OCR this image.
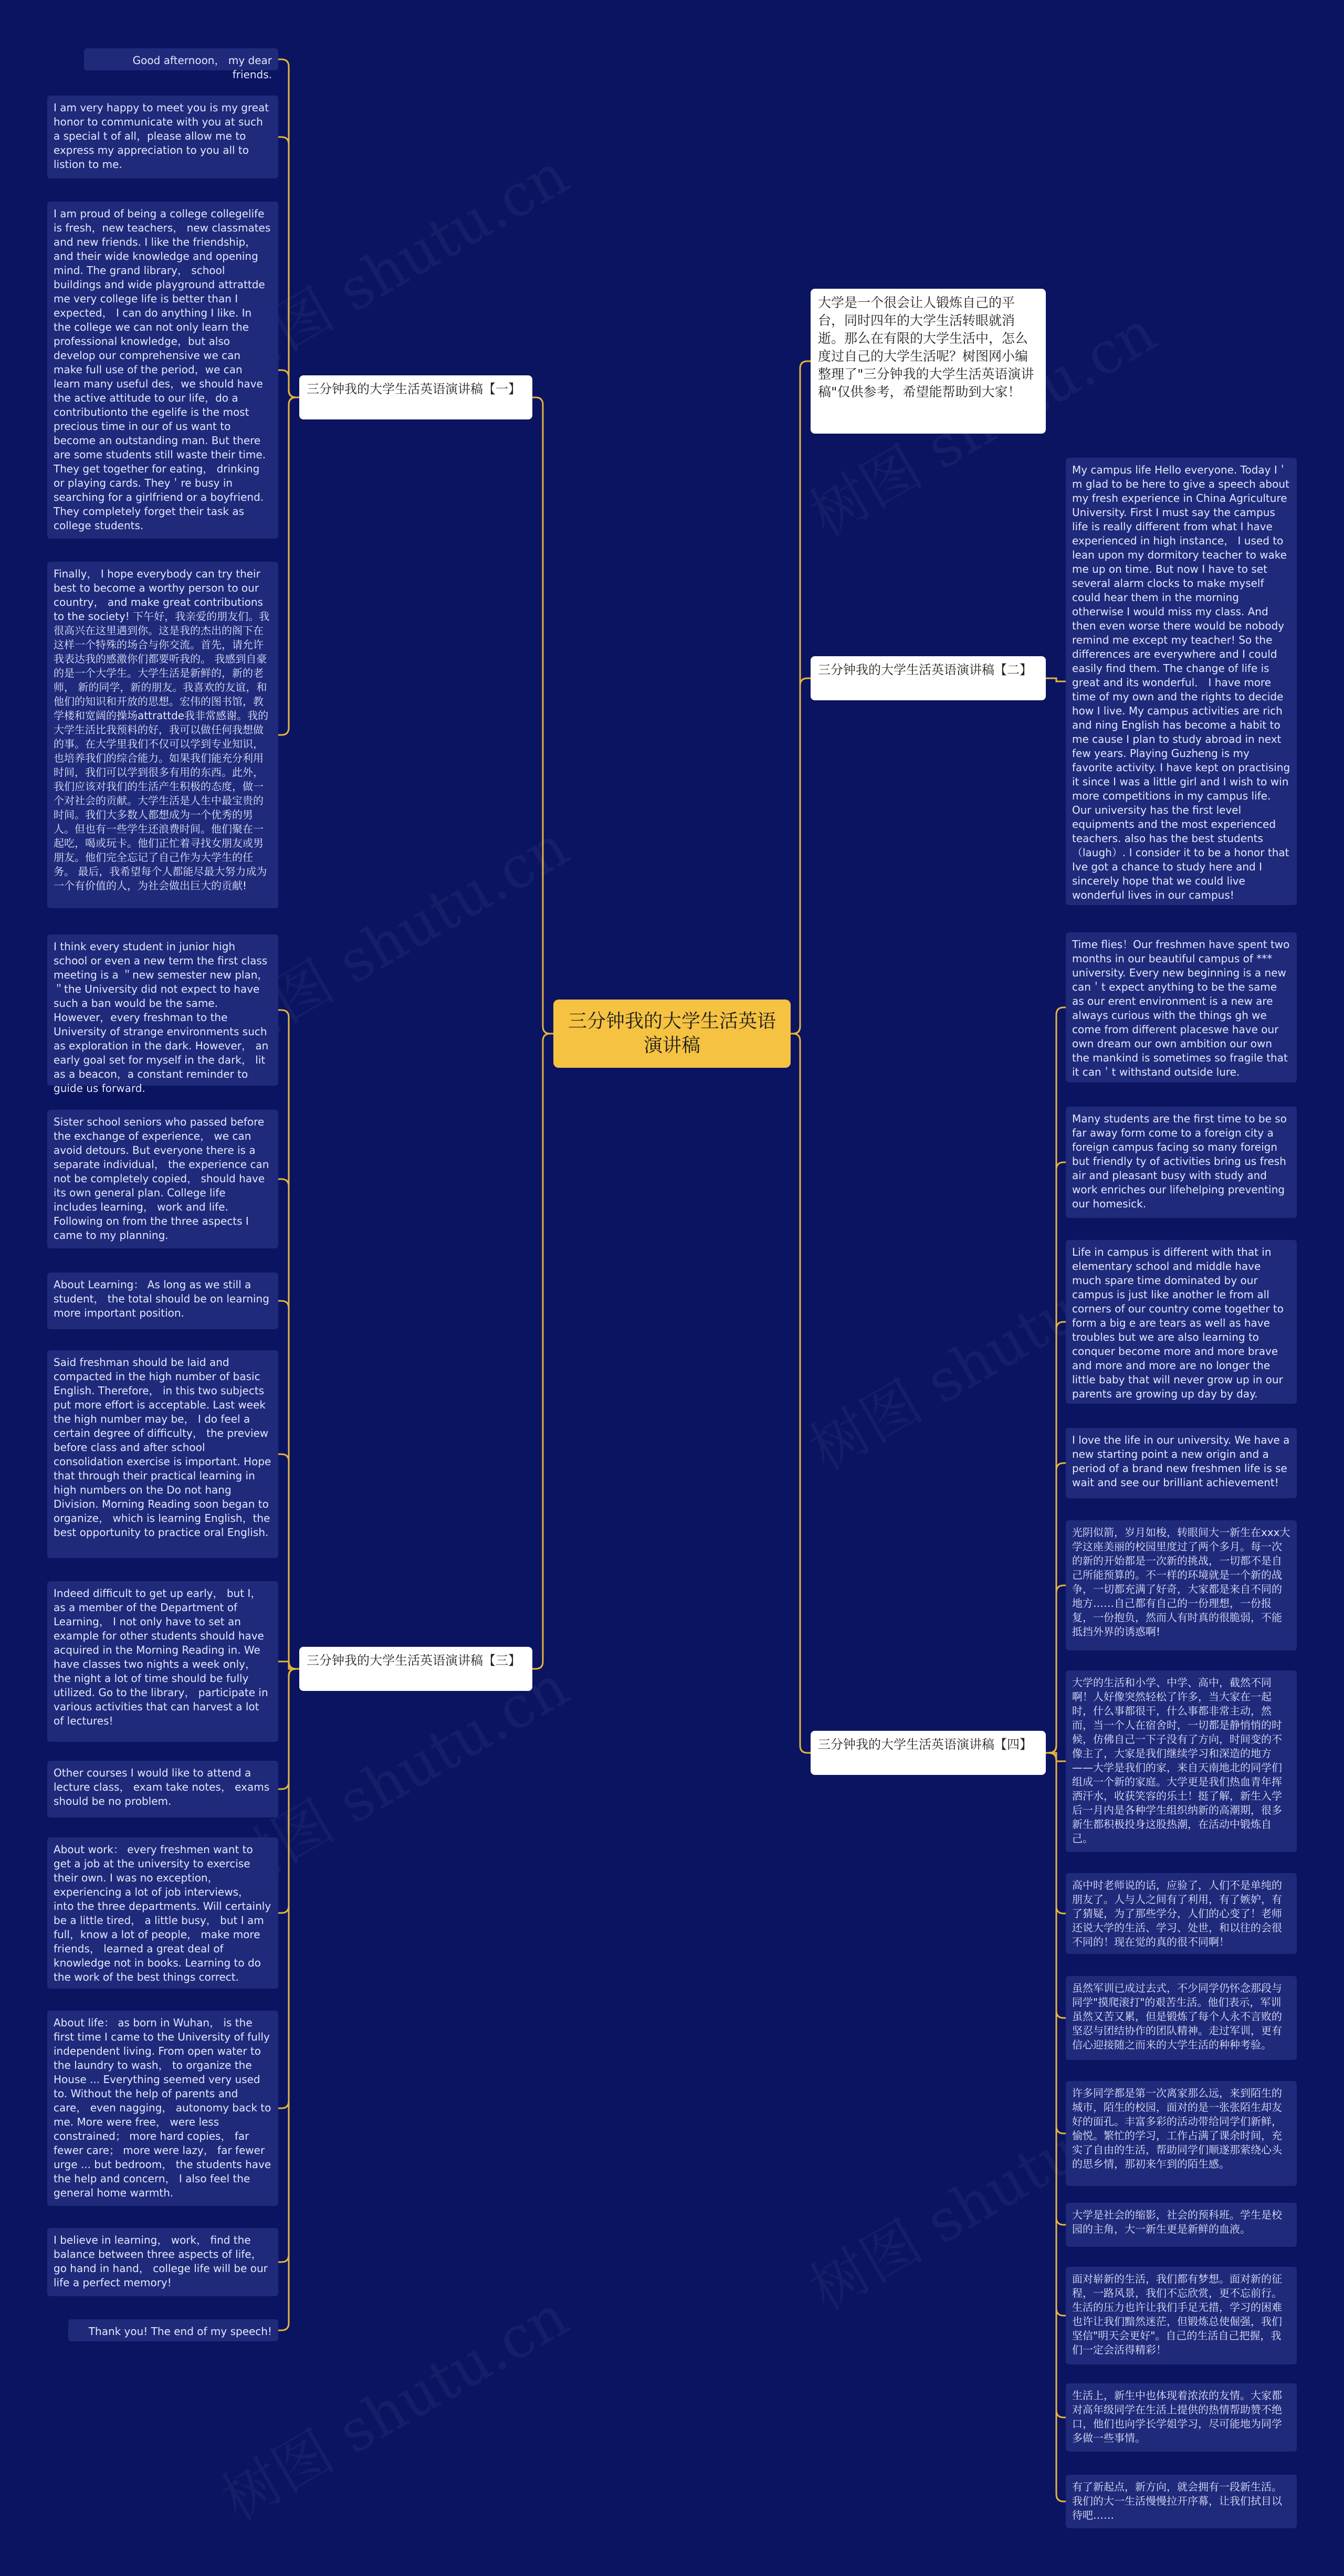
三分钟我的大学生活英语演讲稿
大学是一个很会让人锻炼自己的平台，同时四年的大学生活转眼就消逝。那么在有限的大学生活中，怎么度过自己的大学生活呢？树图网小编整理了"三分钟我的大学生活英语演讲稿"仅供参考，希望能帮助到大家！
三分钟我的大学生活英语演讲稿【一】
Good afternoon， my dear friends.
I am very happy to meet you is my great honor to communicate with you at such a special t of all，please allow me to express my appreciation to you all to listion to me.
I am proud of being a college collegelife is fresh，new teachers， new classmates and new friends. I like the friendship，and their wide knowledge and opening mind. The grand library， school buildings and wide playground attrattde me very college life is better than I expected， I can do anything I like. In the college we can not only learn the professional knowledge，but also develop our comprehensive we can make full use of the period，we can learn many useful des，we should have the active attitude to our life，do a contributionto the egelife is the most precious time in our of us want to become an outstanding man. But there are some students still waste their time. They get together for eating， drinking or playing cards. They＇re busy in searching for a girlfriend or a boyfriend. They completely forget their task as college students.
Finally， I hope everybody can try their best to become a worthy person to our country， and make great contributions to the society! 下午好，我亲爱的朋友们。我很高兴在这里遇到你。这是我的杰出的阁下在这样一个特殊的场合与你交流。首先，请允许我表达我的感激你们都要听我的。 我感到自豪的是一个大学生。大学生活是新鲜的，新的老师， 新的同学，新的朋友。我喜欢的友谊，和他们的知识和开放的思想。宏伟的图书馆，教学楼和宽阔的操场attrattde我非常感谢。我的大学生活比我预料的好，我可以做任何我想做的事。在大学里我们不仅可以学到专业知识，也培养我们的综合能力。如果我们能充分利用时间，我们可以学到很多有用的东西。此外，我们应该对我们的生活产生积极的态度，做一个对社会的贡献。大学生活是人生中最宝贵的时间。我们大多数人都想成为一个优秀的男人。但也有一些学生还浪费时间。他们聚在一起吃，喝或玩卡。他们正忙着寻找女朋友或男朋友。他们完全忘记了自己作为大学生的任务。 最后，我希望每个人都能尽最大努力成为一个有价值的人，为社会做出巨大的贡献!
三分钟我的大学生活英语演讲稿【二】
My campus life Hello everyone. Today I＇m glad to be here to give a speech about my fresh experience in China Agriculture University. First I must say the campus life is really different from what I have experienced in high instance， I used to lean upon my dormitory teacher to wake me up on time. But now I have to set several alarm clocks to make myself could hear them in the morning otherwise I would miss my class. And then even worse there would be nobody remind me except my teacher! So the differences are everywhere and I could easily find them. The change of life is great and its wonderful． I have more time of my own and the rights to decide how I live. My campus activities are rich and ning English has become a habit to me cause I plan to study abroad in next few years. Playing Guzheng is my favorite activity. I have kept on practising it since I was a little girl and I wish to win more competitions in my campus life. Our university has the first level equipments and the most experienced teachers. also has the best students（laugh）. I consider it to be a honor that Ive got a chance to study here and I sincerely hope that we could live wonderful lives in our campus!
三分钟我的大学生活英语演讲稿【三】
I think every student in junior high school or even a new term the first class meeting is a ＂new semester new plan，＂the University did not expect to have such a ban would be the same. However，every freshman to the University of strange environments such as exploration in the dark. However， an early goal set for myself in the dark， lit as a beacon，a constant reminder to guide us forward.
Sister school seniors who passed before the exchange of experience， we can avoid detours. But everyone there is a separate individual， the experience can not be completely copied， should have its own general plan. College life includes learning， work and life. Following on from the three aspects I came to my planning.
About Learning： As long as we still a student， the total should be on learning more important position.
Said freshman should be laid and compacted in the high number of basic English. Therefore， in this two subjects put more effort is acceptable. Last week the high number may be， I do feel a certain degree of difficulty， the preview before class and after school consolidation exercise is important. Hope that through their practical learning in high numbers on the Do not hang Division. Morning Reading soon began to organize， which is learning English，the best opportunity to practice oral English.
Indeed difficult to get up early， but I，as a member of the Department of Learning， I not only have to set an example for other students should have acquired in the Morning Reading in. We have classes two nights a week only，the night a lot of time should be fully utilized. Go to the library， participate in various activities that can harvest a lot of lectures!
Other courses I would like to attend a lecture class， exam take notes， exams should be no problem.
About work： every freshmen want to get a job at the university to exercise their own. I was no exception， experiencing a lot of job interviews， into the three departments. Will certainly be a little tired， a little busy， but I am full，know a lot of people， make more friends， learned a great deal of knowledge not in books. Learning to do the work of the best things correct.
About life： as born in Wuhan， is the first time I came to the University of fully independent living. From open water to the laundry to wash， to organize the House ... Everything seemed very used to. Without the help of parents and care， even nagging， autonomy back to me. More were free， were less constrained； more hard copies， far fewer care； more were lazy， far fewer urge ... but bedroom， the students have the help and concern， I also feel the general home warmth.
I believe in learning， work， find the balance between three aspects of life， go hand in hand， college life will be our life a perfect memory!
Thank you! The end of my speech!
三分钟我的大学生活英语演讲稿【四】
Time flies！Our freshmen have spent two months in our beautiful campus of *** university. Every new beginning is a new can＇t expect anything to be the same as our erent environment is a new are always curious with the things gh we come from different placeswe have our own dream our own ambition our own the mankind is sometimes so fragile that it can＇t withstand outside lure.
Many students are the first time to be so far away form come to a foreign city a foreign campus facing so many foreign but friendly ty of activities bring us fresh air and pleasant busy with study and work enriches our lifehelping preventing our homesick.
Life in campus is different with that in elementary school and middle have much spare time dominated by our campus is just like another le from all corners of our country come together to form a big e are tears as well as have troubles but we are also learning to conquer become more and more brave and more and more are no longer the little baby that will never grow up in our parents are growing up day by day.
I love the life in our university. We have a new starting point a new origin and a period of a brand new freshmen life is se wait and see our brilliant achievement!
光阴似箭，岁月如梭，转眼间大一新生在xxx大学这座美丽的校园里度过了两个多月。每一次的新的开始都是一次新的挑战，一切都不是自己所能预算的。不一样的环境就是一个新的战争，一切都充满了好奇，大家都是来自不同的地方……自己都有自己的一份理想，一份报复，一份抱负，然而人有时真的很脆弱，不能抵挡外界的诱惑啊!
大学的生活和小学、中学、高中，截然不同啊！人好像突然轻松了许多，当大家在一起时，什么事都很干，什么事都非常主动，然而，当一个人在宿舍时，一切都是静悄悄的时候，仿佛自己一下子没有了方向，时间变的不像主了，大家是我们继续学习和深造的地方——大学是我们的家，来自天南地北的同学们组成一个新的家庭。大学更是我们热血青年挥洒汗水，收获笑容的乐土！挺了解，新生入学后一月内是各种学生组织纳新的高潮期，很多新生都积极投身这股热潮，在活动中锻炼自己。
高中时老师说的话，应验了，人们不是单纯的朋友了。人与人之间有了利用，有了嫉妒，有了猜疑，为了那些学分，人们的心变了！老师还说大学的生活、学习、处世，和以往的会很不同的！现在觉的真的很不同啊！
虽然军训已成过去式，不少同学仍怀念那段与同学"摸爬滚打"的艰苦生活。他们表示，军训虽然又苦又累，但是锻炼了每个人永不言败的坚忍与团结协作的团队精神。走过军训，更有信心迎接随之而来的大学生活的种种考验。
许多同学都是第一次离家那么远，来到陌生的城市，陌生的校园，面对的是一张张陌生却友好的面孔。丰富多彩的活动带给同学们新鲜，愉悦。繁忙的学习，工作占满了课余时间，充实了自由的生活，帮助同学们顺遂那萦绕心头的思乡情，那初来乍到的陌生感。
大学是社会的缩影，社会的预科班。学生是校园的主角，大一新生更是新鲜的血液。
面对崭新的生活，我们都有梦想。面对新的征程，一路风景，我们不忘欣赏，更不忘前行。生活的压力也许让我们手足无措，学习的困难也许让我们黯然迷茫，但锻炼总使倔强，我们坚信"明天会更好"。自己的生活自己把握，我们一定会活得精彩！
生活上，新生中也体现着浓浓的友情。大家都对高年级同学在生活上提供的热情帮助赞不绝口，他们也向学长学姐学习，尽可能地为同学多做一些事情。
有了新起点，新方向，就会拥有一段新生活。我们的大一生活慢慢拉开序幕，让我们拭目以待吧……
